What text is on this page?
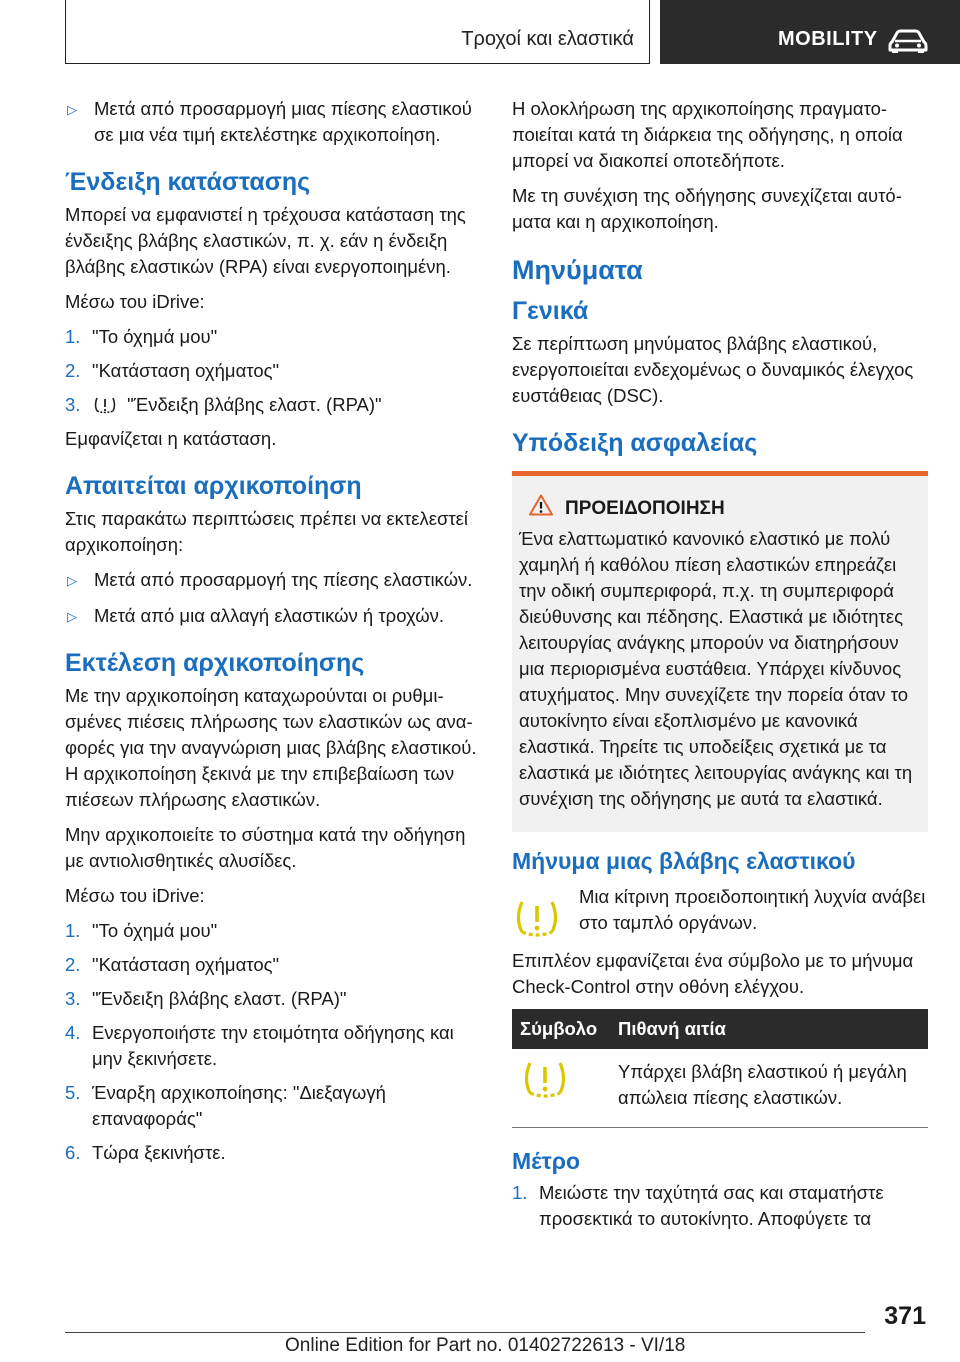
Τροχοί και ελαστικά	MOBILITY
▷ Μετά από προσαρμογή μιας πίεσης ελαστικού σε μια νέα τιμή εκτελέστηκε αρχικοποίηση.
Ένδειξη κατάστασης
Μπορεί να εμφανιστεί η τρέχουσα κατάσταση της ένδειξης βλάβης ελαστικών, π. χ. εάν η ένδειξη βλάβης ελαστικών (RPA) είναι ενεργοποιημένη.
Μέσω του iDrive:
1. "Το όχημά μου"
2. "Κατάσταση οχήματος"
3.	"Ένδειξη βλάβης ελαστ. (RPA)"
Εμφανίζεται η κατάσταση.
Απαιτείται αρχικοποίηση
Στις παρακάτω περιπτώσεις πρέπει να εκτελεστεί αρχικοποίηση:
▷ Μετά από προσαρμογή της πίεσης ελαστικών.
▷ Μετά από μια αλλαγή ελαστικών ή τροχών.
Εκτέλεση αρχικοποίησης
Με την αρχικοποίηση καταχωρούνται οι ρυθμισμένες πιέσεις πλήρωσης των ελαστικών ως αναφορές για την αναγνώριση μιας βλάβης ελαστικού. Η αρχικοποίηση ξεκινά με την επιβεβαίωση των πιέσεων πλήρωσης ελαστικών.
Μην αρχικοποιείτε το σύστημα κατά την οδήγηση με αντιολισθητικές αλυσίδες.
Μέσω του iDrive:
1. "Το όχημά μου"
2. "Κατάσταση οχήματος"
3. "Ένδειξη βλάβης ελαστ. (RPA)"
4. Ενεργοποιήστε την ετοιμότητα οδήγησης και μην ξεκινήσετε.
5. Έναρξη αρχικοποίησης: "Διεξαγωγή επαναφοράς"
6. Τώρα ξεκινήστε.
Η ολοκλήρωση της αρχικοποίησης πραγματοποιείται κατά τη διάρκεια της οδήγησης, η οποία μπορεί να διακοπεί οποτεδήποτε.
Με τη συνέχιση της οδήγησης συνεχίζεται αυτόματα και η αρχικοποίηση.
Μηνύματα
Γενικά
Σε περίπτωση μηνύματος βλάβης ελαστικού, ενεργοποιείται ενδεχομένως ο δυναμικός έλεγχος ευστάθειας (DSC).
Υπόδειξη ασφαλείας
ΠΡΟΕΙΔΟΠΟΙΗΣΗ
Ένα ελαττωματικό κανονικό ελαστικό με πολύ χαμηλή ή καθόλου πίεση ελαστικών επηρεάζει την οδική συμπεριφορά, π.χ. τη συμπεριφορά διεύθυνσης και πέδησης. Ελαστικά με ιδιότητες λειτουργίας ανάγκης μπορούν να διατηρήσουν μια περιορισμένα ευστάθεια. Υπάρχει κίνδυνος ατυχήματος. Μην συνεχίζετε την πορεία όταν το αυτοκίνητο είναι εξοπλισμένο με κανονικά ελαστικά. Τηρείτε τις υποδείξεις σχετικά με τα ελαστικά με ιδιότητες λειτουργίας ανάγκης και τη συνέχιση της οδήγησης με αυτά τα ελαστικά.
Μήνυμα μιας βλάβης ελαστικού
Μια κίτρινη προειδοποιητική λυχνία ανάβει στο ταμπλό οργάνων.
Επιπλέον εμφανίζεται ένα σύμβολο με το μήνυμα Check-Control στην οθόνη ελέγχου.
Σύμβολο	Πιθανή αιτία
	Υπάρχει βλάβη ελαστικού ή μεγάλη απώλεια πίεσης ελαστικών.
Μέτρο
1. Μειώστε την ταχύτητά σας και σταματήστε προσεκτικά το αυτοκίνητο. Αποφύγετε τα
371
Online Edition for Part no. 01402722613 - VI/18
